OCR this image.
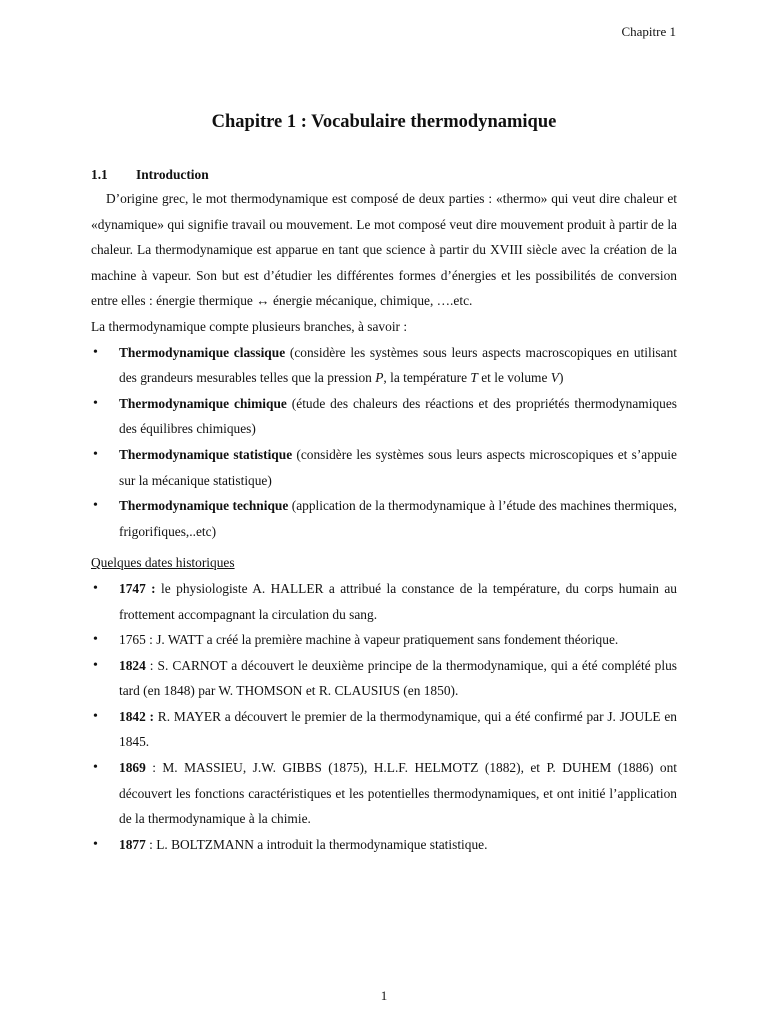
Chapitre 1
Chapitre 1 : Vocabulaire thermodynamique

1.1 Introduction

D’origine grec, le mot thermodynamique est composé de deux parties : «thermo» qui veut dire chaleur et «dynamique» qui signifie travail ou mouvement. Le mot composé veut dire mouvement produit à partir de la chaleur. La thermodynamique est apparue en tant que science à partir du XVIII siècle avec la création de la machine à vapeur. Son but est d’étudier les différentes formes d’énergies et les possibilités de conversion entre elles : énergie thermique ↔ énergie mécanique, chimique, ….etc.

La thermodynamique compte plusieurs branches, à savoir :

• Thermodynamique classique (considère les systèmes sous leurs aspects macroscopiques en utilisant des grandeurs mesurables telles que la pression P, la température T et le volume V)
• Thermodynamique chimique (étude des chaleurs des réactions et des propriétés thermodynamiques des équilibres chimiques)
• Thermodynamique statistique (considère les systèmes sous leurs aspects microscopiques et s’appuie sur la mécanique statistique)
• Thermodynamique technique (application de la thermodynamique à l’étude des machines thermiques, frigorifiques,..etc)

Quelques dates historiques

• 1747 : le physiologiste A. HALLER a attribué la constance de la température, du corps humain au frottement accompagnant la circulation du sang.
• 1765 : J. WATT a créé la première machine à vapeur pratiquement sans fondement théorique.
• 1824 : S. CARNOT a découvert le deuxième principe de la thermodynamique, qui a été complété plus tard (en 1848) par W. THOMSON et R. CLAUSIUS (en 1850).
• 1842 : R. MAYER a découvert le premier de la thermodynamique, qui a été confirmé par J. JOULE en 1845.
• 1869 : M. MASSIEU, J.W. GIBBS (1875), H.L.F. HELMOTZ (1882), et P. DUHEM (1886) ont découvert les fonctions caractéristiques et les potentielles thermodynamiques, et ont initié l’application de la thermodynamique à la chimie.
• 1877 : L. BOLTZMANN a introduit la thermodynamique statistique.
1
